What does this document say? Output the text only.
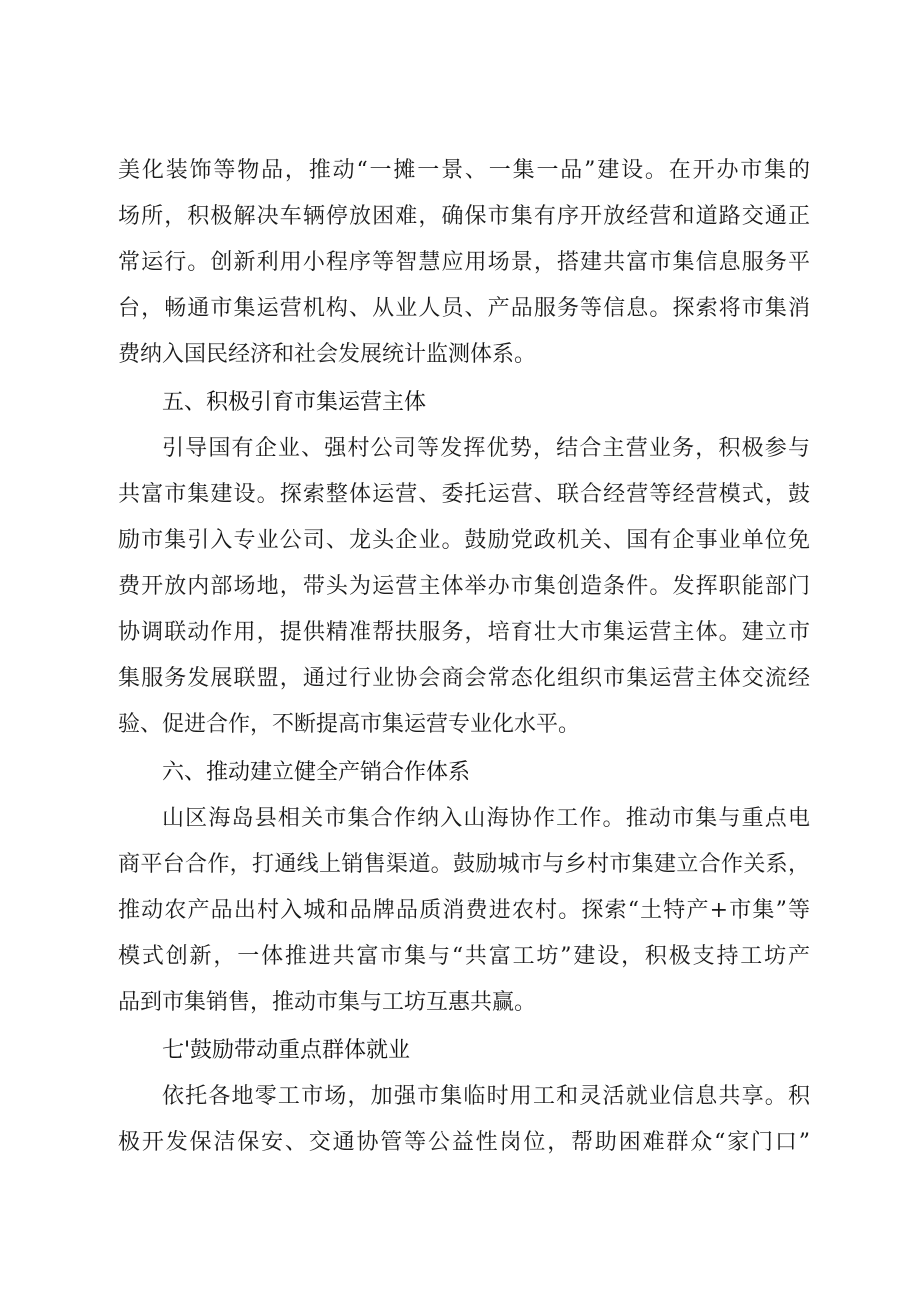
美化装饰等物品，推动“一摊一景、一集一品”建设。在开办市集的
场所，积极解决车辆停放困难，确保市集有序开放经营和道路交通正
常运行。创新利用小程序等智慧应用场景，搭建共富市集信息服务平
台，畅通市集运营机构、从业人员、产品服务等信息。探索将市集消
费纳入国民经济和社会发展统计监测体系。
五、积极引育市集运营主体
引导国有企业、强村公司等发挥优势，结合主营业务，积极参与
共富市集建设。探索整体运营、委托运营、联合经营等经营模式，鼓
励市集引入专业公司、龙头企业。鼓励党政机关、国有企事业单位免
费开放内部场地，带头为运营主体举办市集创造条件。发挥职能部门
协调联动作用，提供精准帮扶服务，培育壮大市集运营主体。建立市
集服务发展联盟，通过行业协会商会常态化组织市集运营主体交流经
验、促进合作，不断提高市集运营专业化水平。
六、推动建立健全产销合作体系
山区海岛县相关市集合作纳入山海协作工作。推动市集与重点电
商平台合作，打通线上销售渠道。鼓励城市与乡村市集建立合作关系，
推动农产品出村入城和品牌品质消费进农村。探索“土特产+市集”等
模式创新，一体推进共富市集与“共富工坊”建设，积极支持工坊产
品到市集销售，推动市集与工坊互惠共赢。
七'鼓励带动重点群体就业
依托各地零工市场，加强市集临时用工和灵活就业信息共享。积
极开发保洁保安、交通协管等公益性岗位，帮助困难群众“家门口”
